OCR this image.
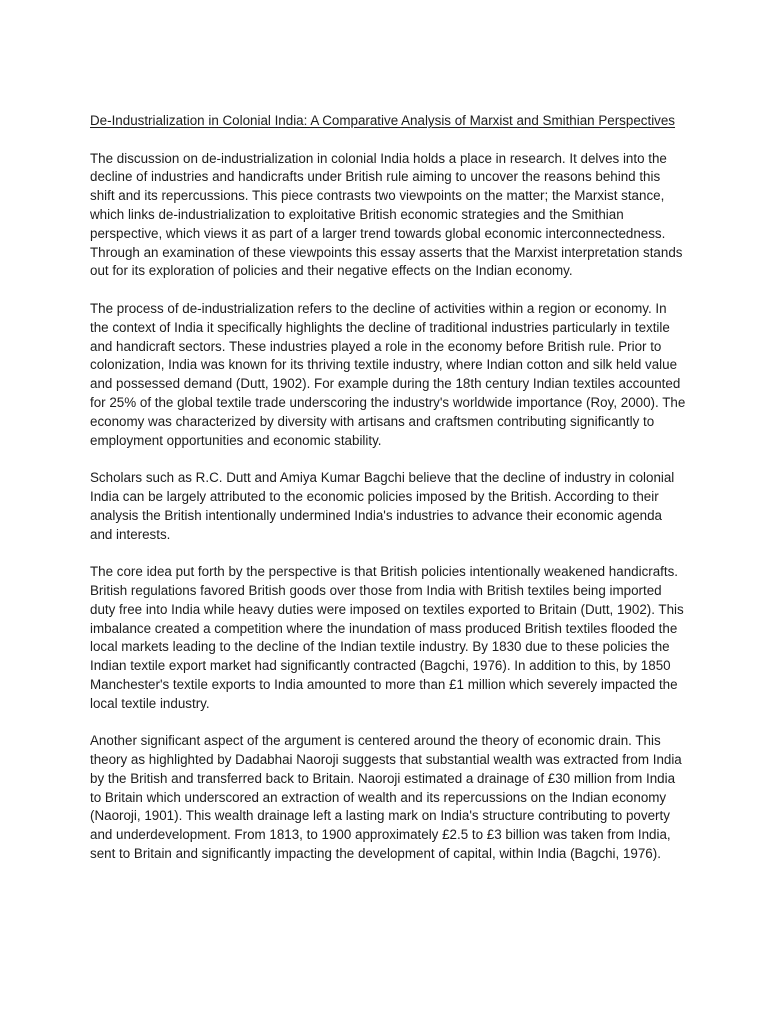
De-Industrialization in Colonial India: A Comparative Analysis of Marxist and Smithian Perspectives

The discussion on de-industrialization in colonial India holds a place in research. It delves into the decline of industries and handicrafts under British rule aiming to uncover the reasons behind this shift and its repercussions. This piece contrasts two viewpoints on the matter; the Marxist stance, which links de-industrialization to exploitative British economic strategies and the Smithian perspective, which views it as part of a larger trend towards global economic interconnectedness. Through an examination of these viewpoints this essay asserts that the Marxist interpretation stands out for its exploration of policies and their negative effects on the Indian economy.

The process of de-industrialization refers to the decline of activities within a region or economy. In the context of India it specifically highlights the decline of traditional industries particularly in textile and handicraft sectors. These industries played a role in the economy before British rule. Prior to colonization, India was known for its thriving textile industry, where Indian cotton and silk held value and possessed demand (Dutt, 1902). For example during the 18th century Indian textiles accounted for 25% of the global textile trade underscoring the industry's worldwide importance (Roy, 2000). The economy was characterized by diversity with artisans and craftsmen contributing significantly to employment opportunities and economic stability.

Scholars such as R.C. Dutt and Amiya Kumar Bagchi believe that the decline of industry in colonial India can be largely attributed to the economic policies imposed by the British. According to their analysis the British intentionally undermined India's industries to advance their economic agenda and interests.

The core idea put forth by the perspective is that British policies intentionally weakened handicrafts. British regulations favored British goods over those from India with British textiles being imported duty free into India while heavy duties were imposed on textiles exported to Britain (Dutt, 1902). This imbalance created a competition where the inundation of mass produced British textiles flooded the local markets leading to the decline of the Indian textile industry. By 1830 due to these policies the Indian textile export market had significantly contracted (Bagchi, 1976). In addition to this, by 1850 Manchester's textile exports to India amounted to more than £1 million which severely impacted the local textile industry.

Another significant aspect of the argument is centered around the theory of economic drain. This theory as highlighted by Dadabhai Naoroji suggests that substantial wealth was extracted from India by the British and transferred back to Britain. Naoroji estimated a drainage of £30 million from India to Britain which underscored an extraction of wealth and its repercussions on the Indian economy (Naoroji, 1901). This wealth drainage left a lasting mark on India's structure contributing to poverty and underdevelopment. From 1813, to 1900 approximately £2.5 to £3 billion was taken from India, sent to Britain and significantly impacting the development of capital, within India (Bagchi, 1976).
